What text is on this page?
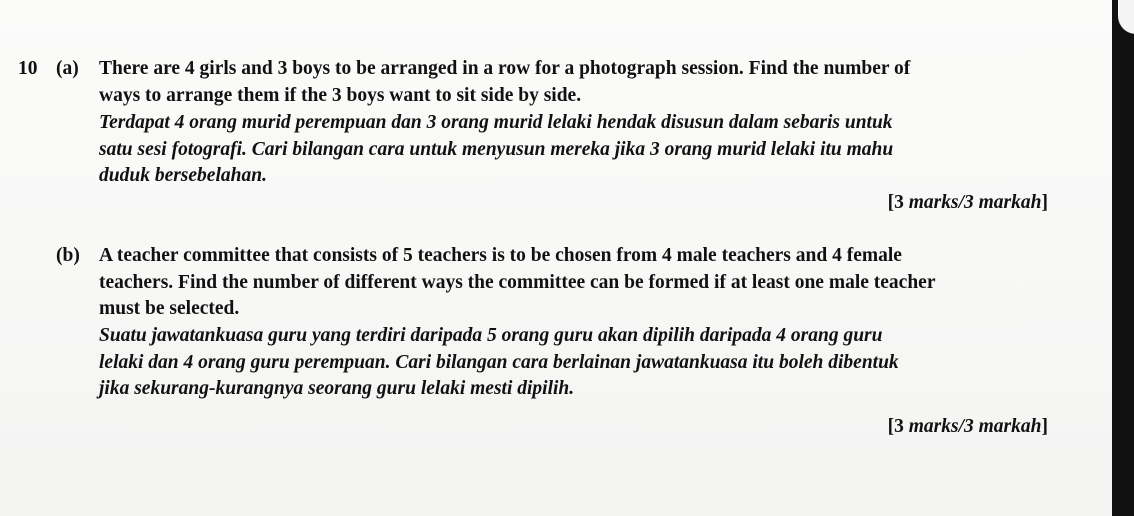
10 (a) There are 4 girls and 3 boys to be arranged in a row for a photograph session. Find the number of
ways to arrange them if the 3 boys want to sit side by side.
Terdapat 4 orang murid perempuan dan 3 orang murid lelaki hendak disusun dalam sebaris untuk
satu sesi fotografi. Cari bilangan cara untuk menyusun mereka jika 3 orang murid lelaki itu mahu
duduk bersebelahan.
[3 marks/3 markah]
(b) A teacher committee that consists of 5 teachers is to be chosen from 4 male teachers and 4 female
teachers. Find the number of different ways the committee can be formed if at least one male teacher
must be selected.
Suatu jawatankuasa guru yang terdiri daripada 5 orang guru akan dipilih daripada 4 orang guru
lelaki dan 4 orang guru perempuan. Cari bilangan cara berlainan jawatankuasa itu boleh dibentuk
jika sekurang-kurangnya seorang guru lelaki mesti dipilih.
[3 marks/3 markah]
